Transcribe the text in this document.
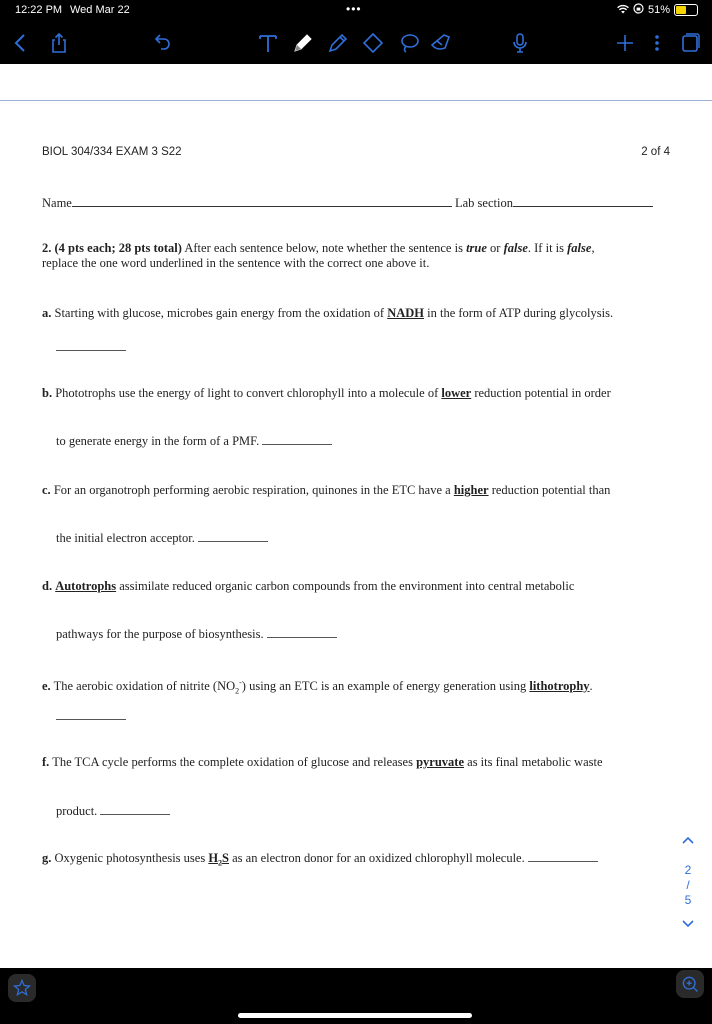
12:22 PM Wed Mar 22	•••	51%
BIOL 304/334 EXAM 3 S22	2 of 4
Name	Lab section
2. (4 pts each; 28 pts total) After each sentence below, note whether the sentence is true or false. If it is false,
replace the one word underlined in the sentence with the correct one above it.
a. Starting with glucose, microbes gain energy from the oxidation of NADH in the form of ATP during glycolysis.
b. Phototrophs use the energy of light to convert chlorophyll into a molecule of lower reduction potential in order
to generate energy in the form of a PMF.
c. For an organotroph performing aerobic respiration, quinones in the ETC have a higher reduction potential than
the initial electron acceptor.
d. Autotrophs assimilate reduced organic carbon compounds from the environment into central metabolic
pathways for the purpose of biosynthesis.
e. The aerobic oxidation of nitrite $(NO_2^-)$ using an ETC is an example of energy generation using lithotrophy.
f. The TCA cycle performs the complete oxidation of glucose and releases pyruvate as its final metabolic waste
product.
g. Oxygenic photosynthesis uses $H_2S$ as an electron donor for an oxidized chlorophyll molecule.
2
/
5
